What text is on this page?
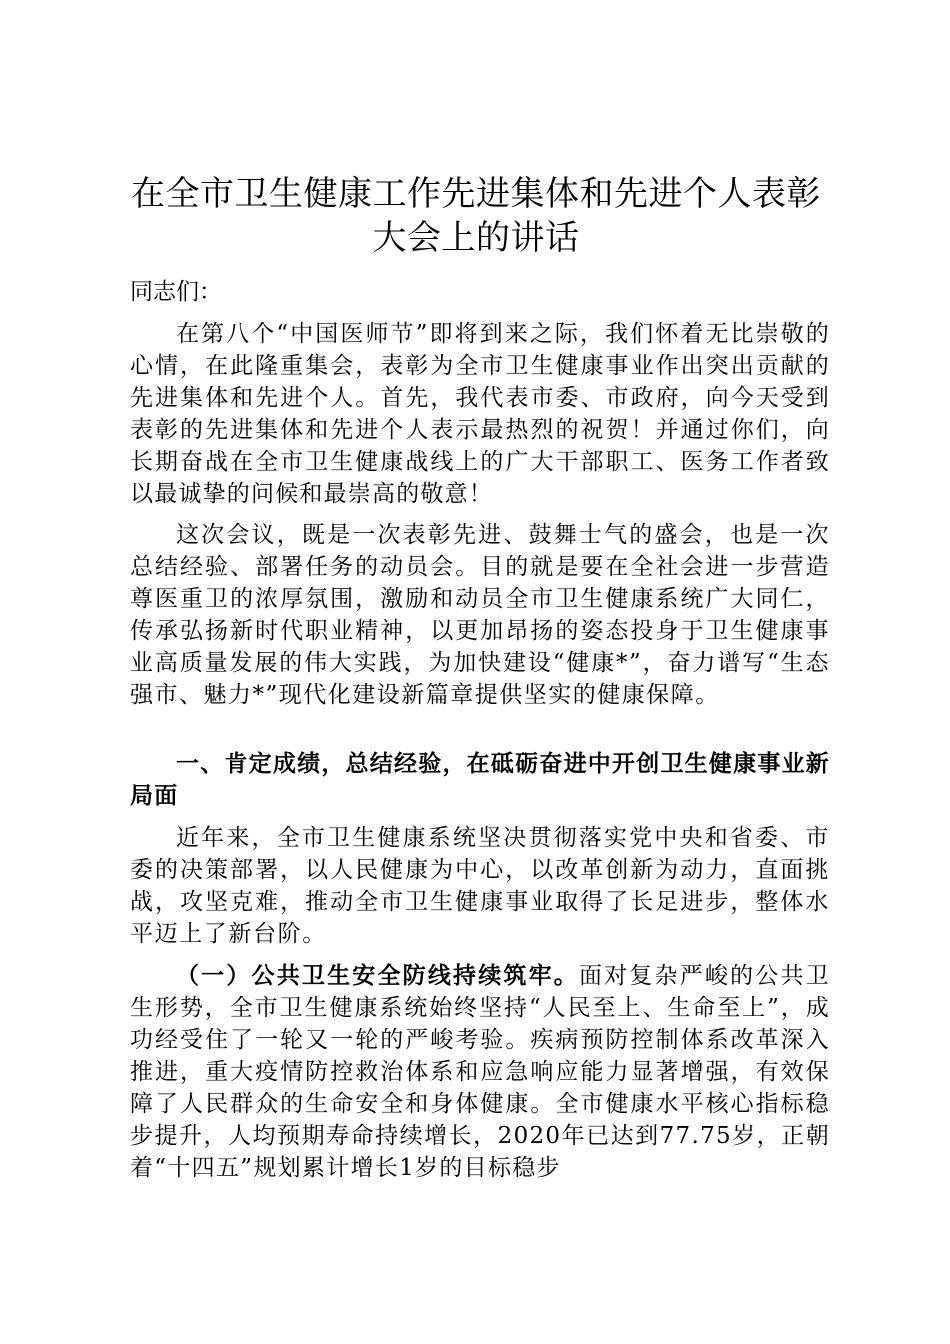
在全市卫生健康工作先进集体和先进个人表彰大会上的讲话

同志们：

在第八个“中国医师节”即将到来之际，我们怀着无比崇敬的心情，在此隆重集会，表彰为全市卫生健康事业作出突出贡献的先进集体和先进个人。首先，我代表市委、市政府，向今天受到表彰的先进集体和先进个人表示最热烈的祝贺！并通过你们，向长期奋战在全市卫生健康战线上的广大干部职工、医务工作者致以最诚挚的问候和最崇高的敬意！

这次会议，既是一次表彰先进、鼓舞士气的盛会，也是一次总结经验、部署任务的动员会。目的就是要在全社会进一步营造尊医重卫的浓厚氛围，激励和动员全市卫生健康系统广大同仁，传承弘扬新时代职业精神，以更加昂扬的姿态投身于卫生健康事业高质量发展的伟大实践，为加快建设“健康*”，奋力谱写“生态强市、魅力*”现代化建设新篇章提供坚实的健康保障。

一、肯定成绩，总结经验，在砥砺奋进中开创卫生健康事业新局面

近年来，全市卫生健康系统坚决贯彻落实党中央和省委、市委的决策部署，以人民健康为中心，以改革创新为动力，直面挑战，攻坚克难，推动全市卫生健康事业取得了长足进步，整体水平迈上了新台阶。

（一）公共卫生安全防线持续筑牢。面对复杂严峻的公共卫生形势，全市卫生健康系统始终坚持“人民至上、生命至上”，成功经受住了一轮又一轮的严峻考验。疾病预防控制体系改革深入推进，重大疫情防控救治体系和应急响应能力显著增强，有效保障了人民群众的生命安全和身体健康。全市健康水平核心指标稳步提升，人均预期寿命持续增长，2020年已达到77.75岁，正朝着“十四五”规划累计增长1岁的目标稳步
